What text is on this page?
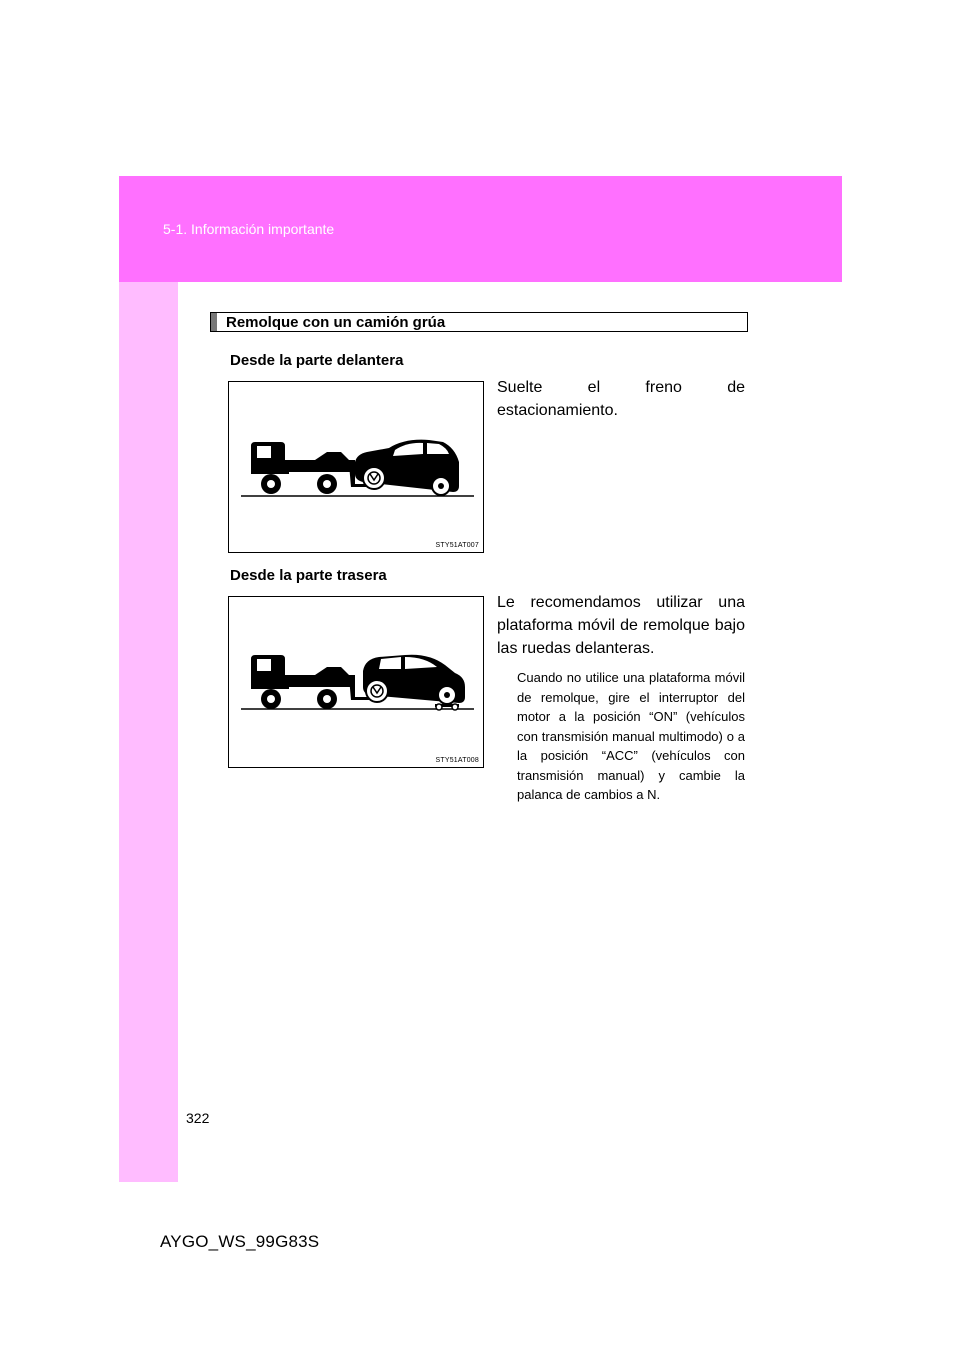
5-1. Información importante
Remolque con un camión grúa
Desde la parte delantera
STY51AT007
Suelte el freno de
estacionamiento.
Desde la parte trasera
STY51AT008
Le recomendamos utilizar una plataforma móvil de remolque bajo las ruedas delanteras.
Cuando no utilice una plataforma móvil de remolque, gire el interruptor del motor a la posición “ON” (vehículos con transmisión manual multimodo) o a la posición “ACC” (vehículos con transmisión manual) y cambie la palanca de cambios a N.
322
AYGO_WS_99G83S
